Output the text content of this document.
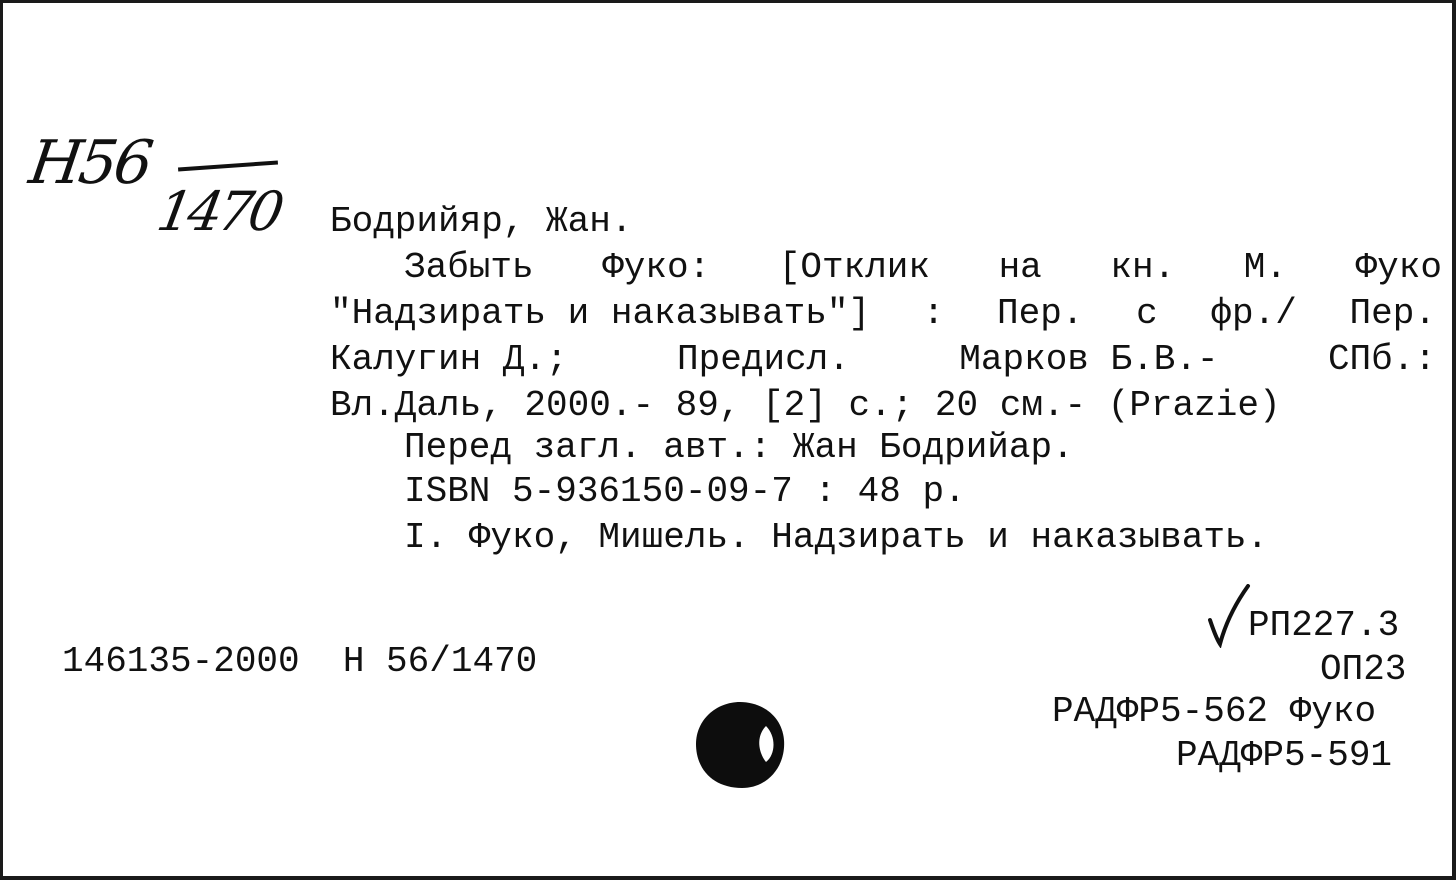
Н56
1470 Бодрийяр, Жан.
Забыть Фуко: [Отклик на кн. М. Фуко
"Надзирать и наказывать"] : Пер. с фр./ Пер.
Калугин Д.;	Предисл.	Марков Б.В.-	СПб.:
Вл.Даль, 2000.- 89, [2] с.; 20 см.- (Prazie)
Перед загл. авт.: Жан Бодрийар.
ISBN 5-936150-09-7 : 48 р.
I. Фуко, Мишель. Надзирать и наказывать.
РП227.3
146135-2000  Н 56/1470	ОП23
РАДФР5-562 Фуко
РАДФР5-591
